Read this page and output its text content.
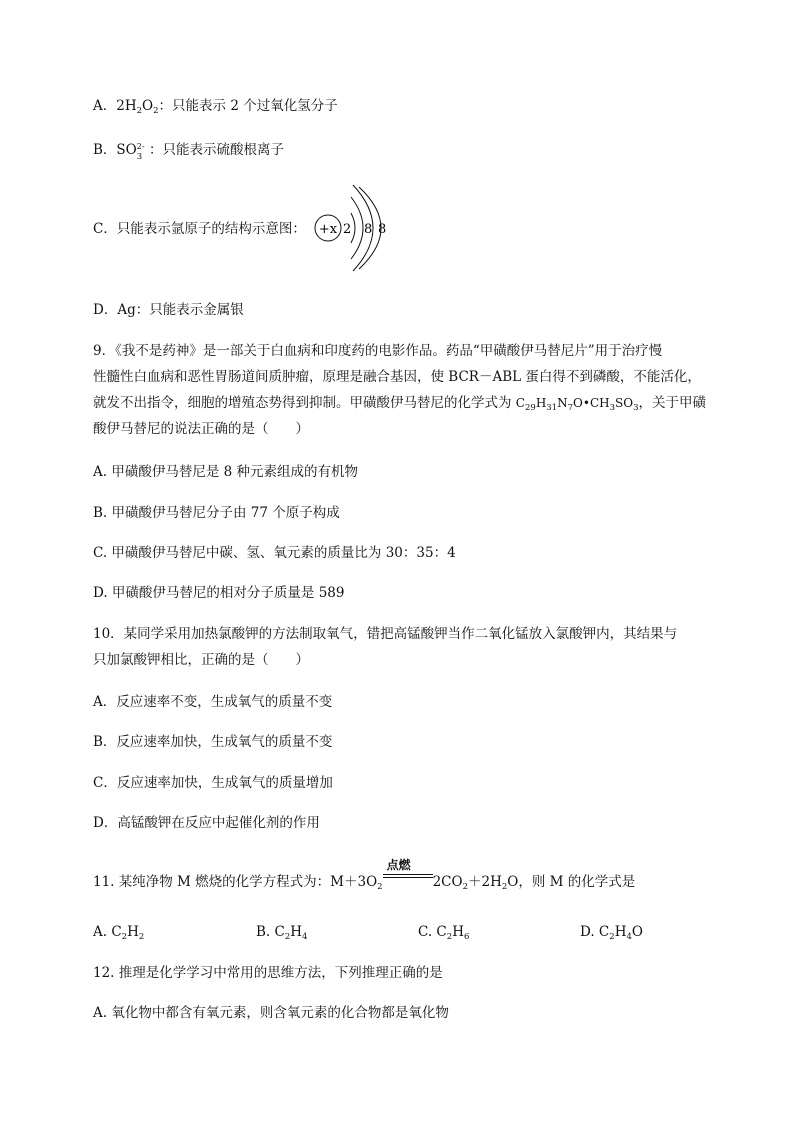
A．$2H_2O_2$：只能表示 2 个过氧化氢分子
B．SO 2-
3 ：只能表示硫酸根离子
C．只能表示氩原子的结构示意图： +x 2 8 8
D．Ag：只能表示金属银
9．《我不是药神》是一部关于白血病和印度药的电影作品。药品“甲磺酸伊马替尼片”用于治疗慢
性髓性白血病和恶性胃肠道间质肿瘤，原理是融合基因，使 BCR－ABL 蛋白得不到磷酸，不能活化，
就发不出指令，细胞的增殖态势得到抑制。甲磺酸伊马替尼的化学式为 $C_{29}H_{31}N_7O•CH_3SO_3$，关于甲磺
酸伊马替尼的说法正确的是（　　）
A. 甲磺酸伊马替尼是 8 种元素组成的有机物
B. 甲磺酸伊马替尼分子由 77 个原子构成
C. 甲磺酸伊马替尼中碳、氢、氧元素的质量比为 30：35：4
D. 甲磺酸伊马替尼的相对分子质量是 589
10．某同学采用加热氯酸钾的方法制取氧气，错把高锰酸钾当作二氧化锰放入氯酸钾内，其结果与
只加氯酸钾相比，正确的是（　　）
A．反应速率不变，生成氧气的质量不变
B．反应速率加快，生成氧气的质量不变
C．反应速率加快，生成氧气的质量增加
D．高锰酸钾在反应中起催化剂的作用
11. 某纯净物 M 燃烧的化学方程式为：$M+3O_2$
点燃
$2CO_2+2H_2O$，则 M 的化学式是
A. $C_2H_2$	B. $C_2H_4$	C. $C_2H_6$	D. $C_2H_4O$
12. 推理是化学学习中常用的思维方法，下列推理正确的是
A. 氧化物中都含有氧元素，则含氧元素的化合物都是氧化物
